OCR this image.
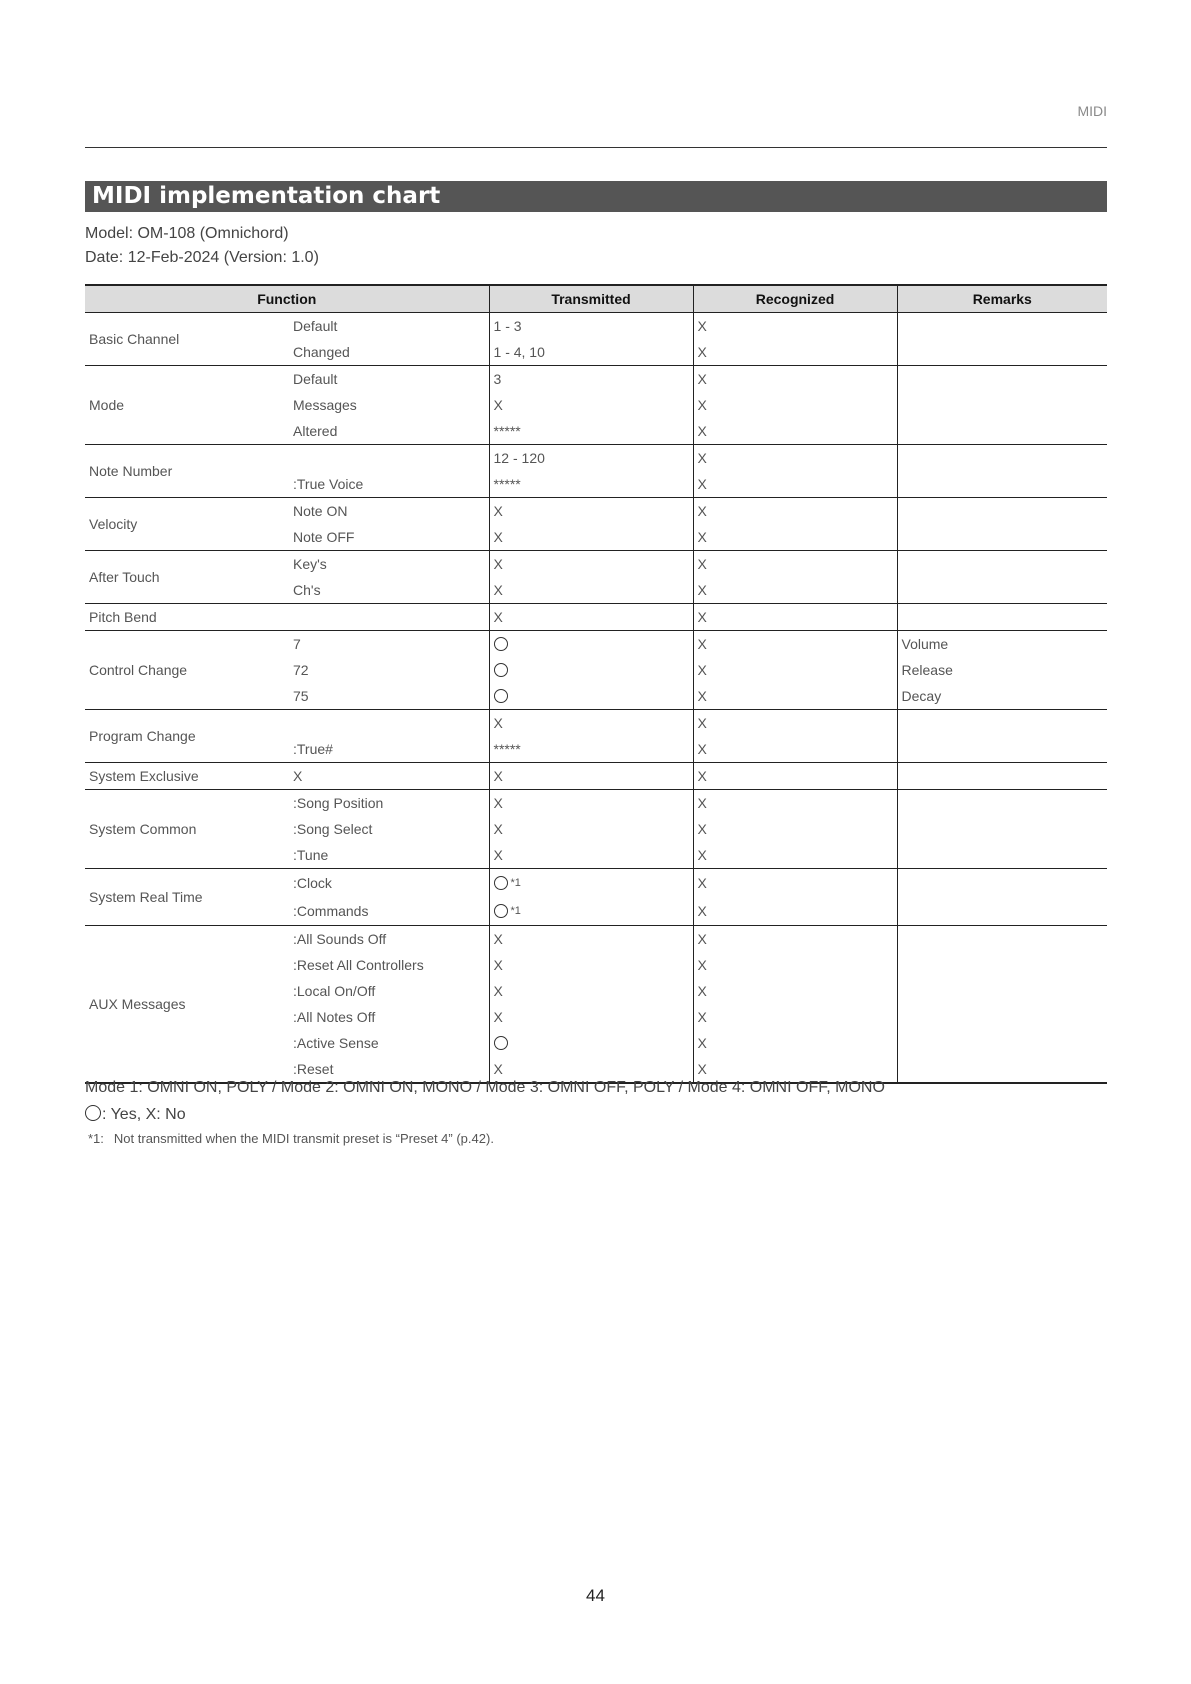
MIDI
MIDI implementation chart
Model: OM-108 (Omnichord)
Date: 12-Feb-2024 (Version: 1.0)
Function		Transmitted	Recognized	Remarks
Basic Channel	Default	1 - 3	X	
	Changed	1 - 4, 10	X	
Mode	Default	3	X	
	Messages	X	X	
	Altered	*****	X	
Note Number		12 - 120	X	
	:True Voice	*****	X	
Velocity	Note ON	X	X	
	Note OFF	X	X	
After Touch	Key's	X	X	
	Ch's	X	X	
Pitch Bend		X	X	
Control Change	7		X	Volume
	72		X	Release
	75		X	Decay
Program Change		X	X	
	:True#	*****	X	
System Exclusive	X	X	X	
System Common	:Song Position	X	X	
	:Song Select	X	X	
	:Tune	X	X	
System Real Time	:Clock	*1	X	
	:Commands	*1	X	
AUX Messages	:All Sounds Off	X	X	
	:Reset All Controllers	X	X	
	:Local On/Off	X	X	
	:All Notes Off	X	X	
	:Active Sense		X	
	:Reset	X	X	
Mode 1: OMNI ON, POLY / Mode 2: OMNI ON, MONO / Mode 3: OMNI OFF, POLY / Mode 4: OMNI OFF, MONO
: Yes, X: No
*1: Not transmitted when the MIDI transmit preset is “Preset 4” (p.42).
44
